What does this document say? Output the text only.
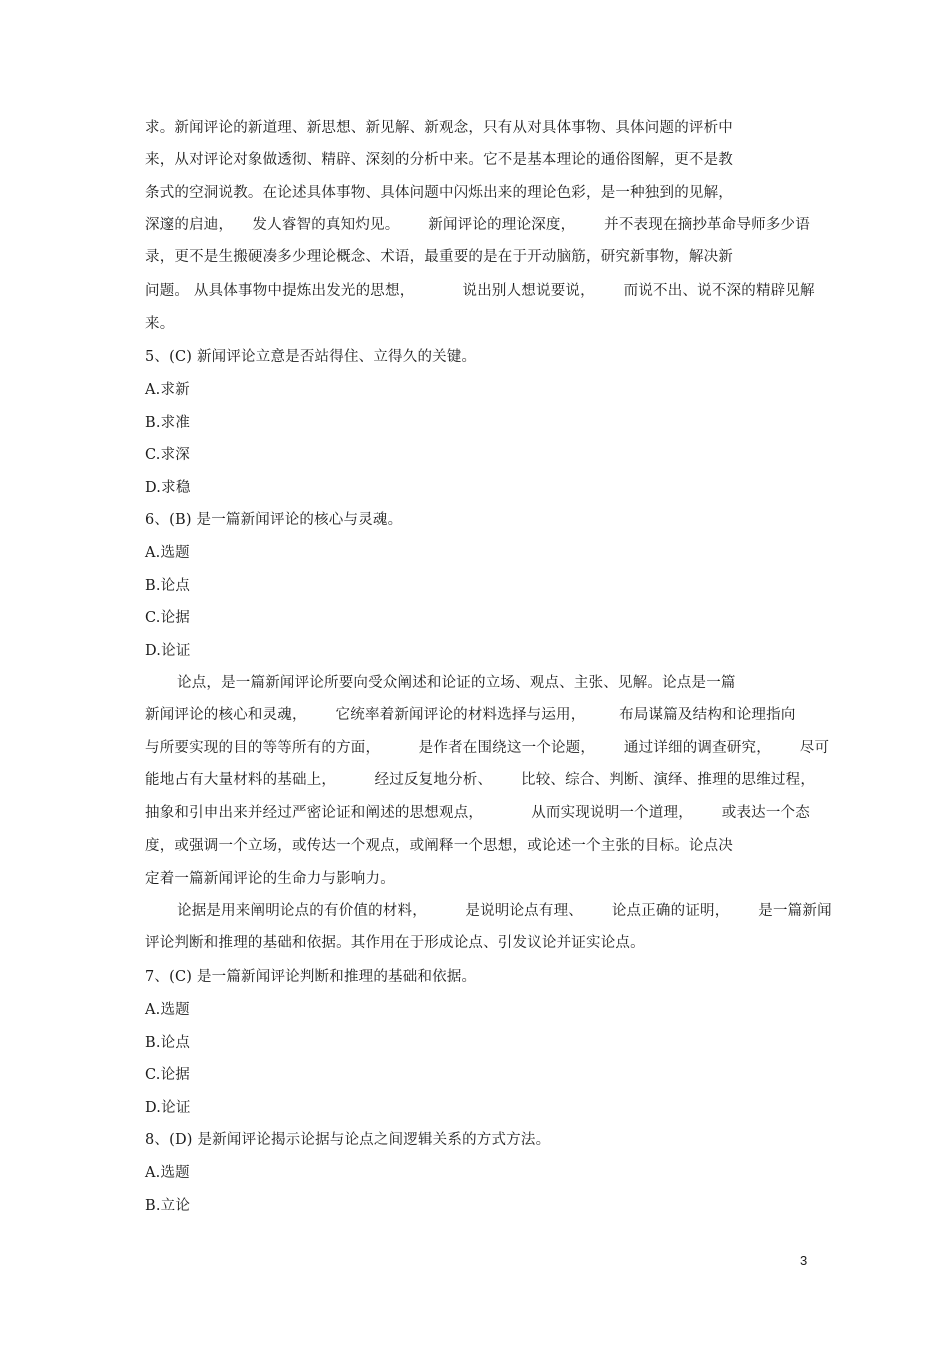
求。新闻评论的新道理、新思想、新见解、新观念，只有从对具体事物、具体问题的评析中
来，从对评论对象做透彻、精辟、深刻的分析中来。它不是基本理论的通俗图解，更不是教
条式的空洞说教。在论述具体事物、具体问题中闪烁出来的理论色彩，是一种独到的见解，
深邃的启迪，    发人睿智的真知灼见。      新闻评论的理论深度，      并不表现在摘抄革命导师多少语
录，更不是生搬硬凑多少理论概念、术语，最重要的是在于开动脑筋，研究新事物，解决新
问题。 从具体事物中提炼出发光的思想，          说出别人想说要说，      而说不出、说不深的精辟见解
来。
5、(C) 新闻评论立意是否站得住、立得久的关键。
A.求新
B.求准
C.求深
D.求稳
6、(B) 是一篇新闻评论的核心与灵魂。
A.选题
B.论点
C.论据
D.论证
论点，是一篇新闻评论所要向受众阐述和论证的立场、观点、主张、见解。论点是一篇
新闻评论的核心和灵魂，      它统率着新闻评论的材料选择与运用，       布局谋篇及结构和论理指向
与所要实现的目的等等所有的方面，        是作者在围绕这一个论题，      通过详细的调查研究，      尽可
能地占有大量材料的基础上，        经过反复地分析、      比较、综合、判断、演绎、推理的思维过程，
抽象和引申出来并经过严密论证和阐述的思想观点，          从而实现说明一个道理，      或表达一个态
度，或强调一个立场，或传达一个观点，或阐释一个思想，或论述一个主张的目标。论点决
定着一篇新闻评论的生命力与影响力。
论据是用来阐明论点的有价值的材料，        是说明论点有理、      论点正确的证明，      是一篇新闻
评论判断和推理的基础和依据。其作用在于形成论点、引发议论并证实论点。
7、(C) 是一篇新闻评论判断和推理的基础和依据。
A.选题
B.论点
C.论据
D.论证
8、(D) 是新闻评论揭示论据与论点之间逻辑关系的方式方法。
A.选题
B.立论
3
